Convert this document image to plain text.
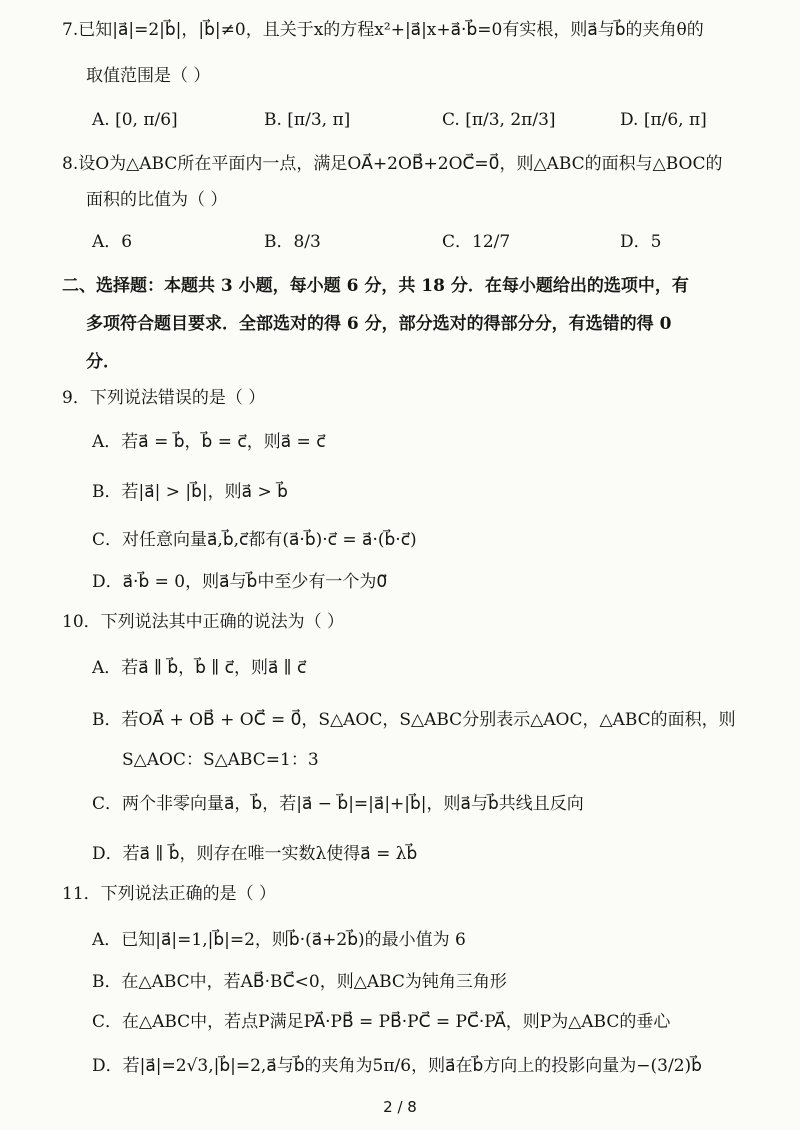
7.已知|a⃗|=2|b⃗|，|b⃗|≠0，且关于x的方程x²+|a⃗|x+a⃗·b⃗=0有实根，则a⃗与b⃗的夹角θ的
取值范围是（ ）
A. [0, π/6]	B. [π/3, π]	C. [π/3, 2π/3]	D. [π/6, π]
8.设O为△ABC所在平面内一点，满足OA⃗+2OB⃗+2OC⃗=0⃗，则△ABC的面积与△BOC的
面积的比值为（ ）
A．6	B．8/3	C．12/7	D．5
二、选择题：本题共 3 小题，每小题 6 分，共 18 分．在每小题给出的选项中，有
多项符合题目要求．全部选对的得 6 分，部分选对的得部分分，有选错的得 0
分．
9．下列说法错误的是（ ）
A．若a⃗ = b⃗，b⃗ = c⃗，则a⃗ = c⃗
B．若|a⃗| > |b⃗|，则a⃗ > b⃗
C．对任意向量a⃗,b⃗,c⃗都有(a⃗·b⃗)·c⃗ = a⃗·(b⃗·c⃗)
D．a⃗·b⃗ = 0，则a⃗与b⃗中至少有一个为0⃗
10．下列说法其中正确的说法为（ ）
A．若a⃗ ∥ b⃗，b⃗ ∥ c⃗，则a⃗ ∥ c⃗
B．若OA⃗ + OB⃗ + OC⃗ = 0⃗，S△AOC，S△ABC分别表示△AOC，△ABC的面积，则
S△AOC：S△ABC=1：3
C．两个非零向量a⃗，b⃗，若|a⃗ − b⃗|=|a⃗|+|b⃗|，则a⃗与b⃗共线且反向
D．若a⃗ ∥ b⃗，则存在唯一实数λ使得a⃗ = λb⃗
11．下列说法正确的是（ ）
A．已知|a⃗|=1,|b⃗|=2，则b⃗·(a⃗+2b⃗)的最小值为 6
B．在△ABC中，若AB⃗·BC⃗<0，则△ABC为钝角三角形
C．在△ABC中，若点P满足PA⃗·PB⃗ = PB⃗·PC⃗ = PC⃗·PA⃗，则P为△ABC的垂心
D．若|a⃗|=2√3,|b⃗|=2,a⃗与b⃗的夹角为5π/6，则a⃗在b⃗方向上的投影向量为−(3/2)b⃗
2 / 8
